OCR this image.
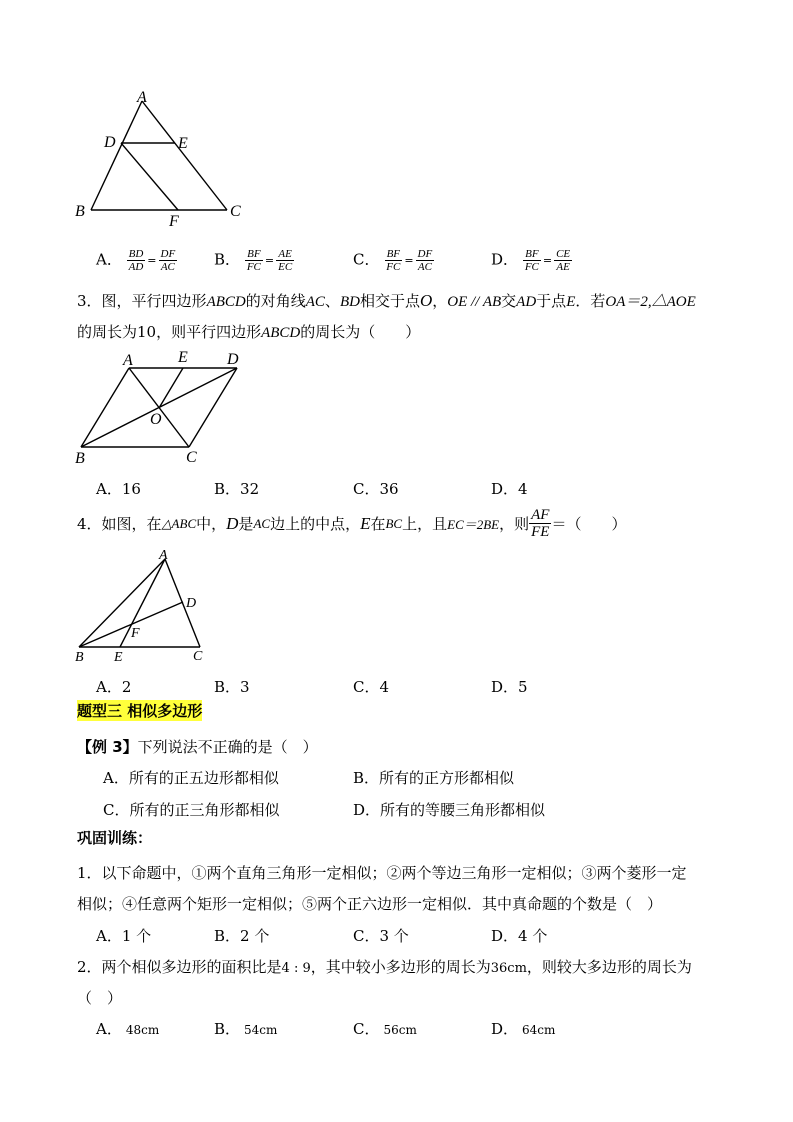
A
D	E
B
F
C
A． $\frac{BD}{AD} = \frac{DF}{AC}$ B． $\frac{BF}{FC} = \frac{AE}{EC}$	C． $\frac{BF}{FC} = \frac{DF}{AC}$	D． $\frac{BF}{FC} = \frac{CE}{AE}$
3．图，平行四边形ABCD的对角线AC、BD相交于点O，OE // AB交AD于点E．若OA＝2,△AOE
的周长为10，则平行四边形ABCD的周长为（　　）
A	E D
O
B	C
A．16	B．32	C．36	D．4
4． 如图，在 △ABC 中， D 是 AC 边上的中点， E 在 BC 上，且 EC＝2BE ，则 $\frac{AF}{FE}$ ＝（　　）
A
D
F
B E	C
A．2	B．3	C．4	D．5
题型三 相似多边形
【例 3】下列说法不正确的是（　）
A．所有的正五边形都相似	B．所有的正方形都相似
C．所有的正三角形都相似	D．所有的等腰三角形都相似
巩固训练：
1．以下命题中，①两个直角三角形一定相似；②两个等边三角形一定相似；③两个菱形一定
相似；④任意两个矩形一定相似；⑤两个正六边形一定相似．其中真命题的个数是（　）
A．1 个	B．2 个	C．3 个	D．4 个
2．两个相似多边形的面积比是4 : 9，其中较小多边形的周长为36cm，则较大多边形的周长为
（　）
A． 48cm	B． 54cm	C． 56cm	D． 64cm
